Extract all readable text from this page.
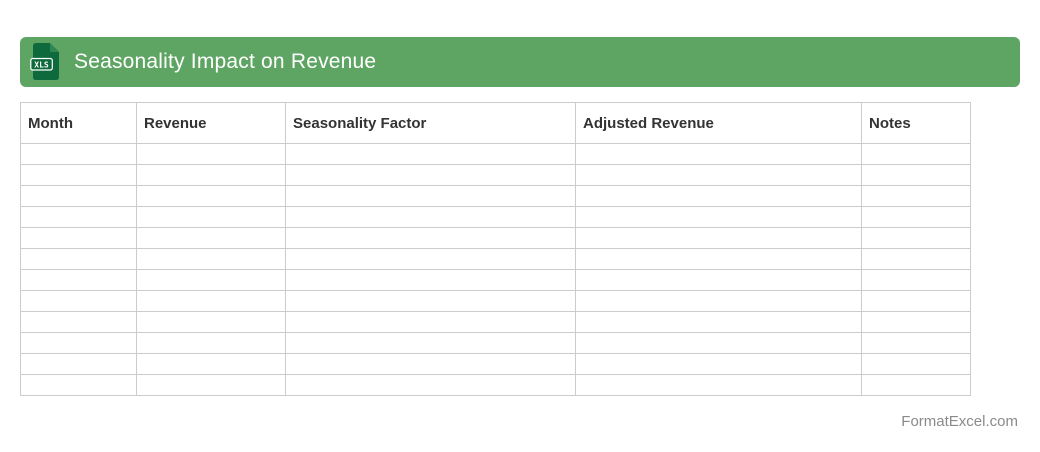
XLS Seasonality Impact on Revenue
Month	Revenue	Seasonality Factor	Adjusted Revenue	Notes

FormatExcel.com
